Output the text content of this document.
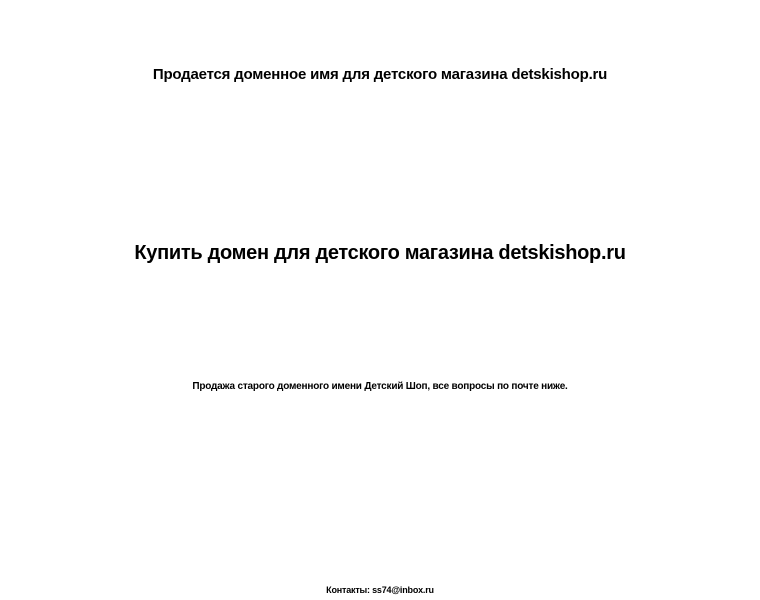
Продается доменное имя для детского магазина detskishop.ru
Купить домен для детского магазина detskishop.ru
Продажа старого доменного имени Детский Шоп, все вопросы по почте ниже.
Контакты: ss74@inbox.ru
